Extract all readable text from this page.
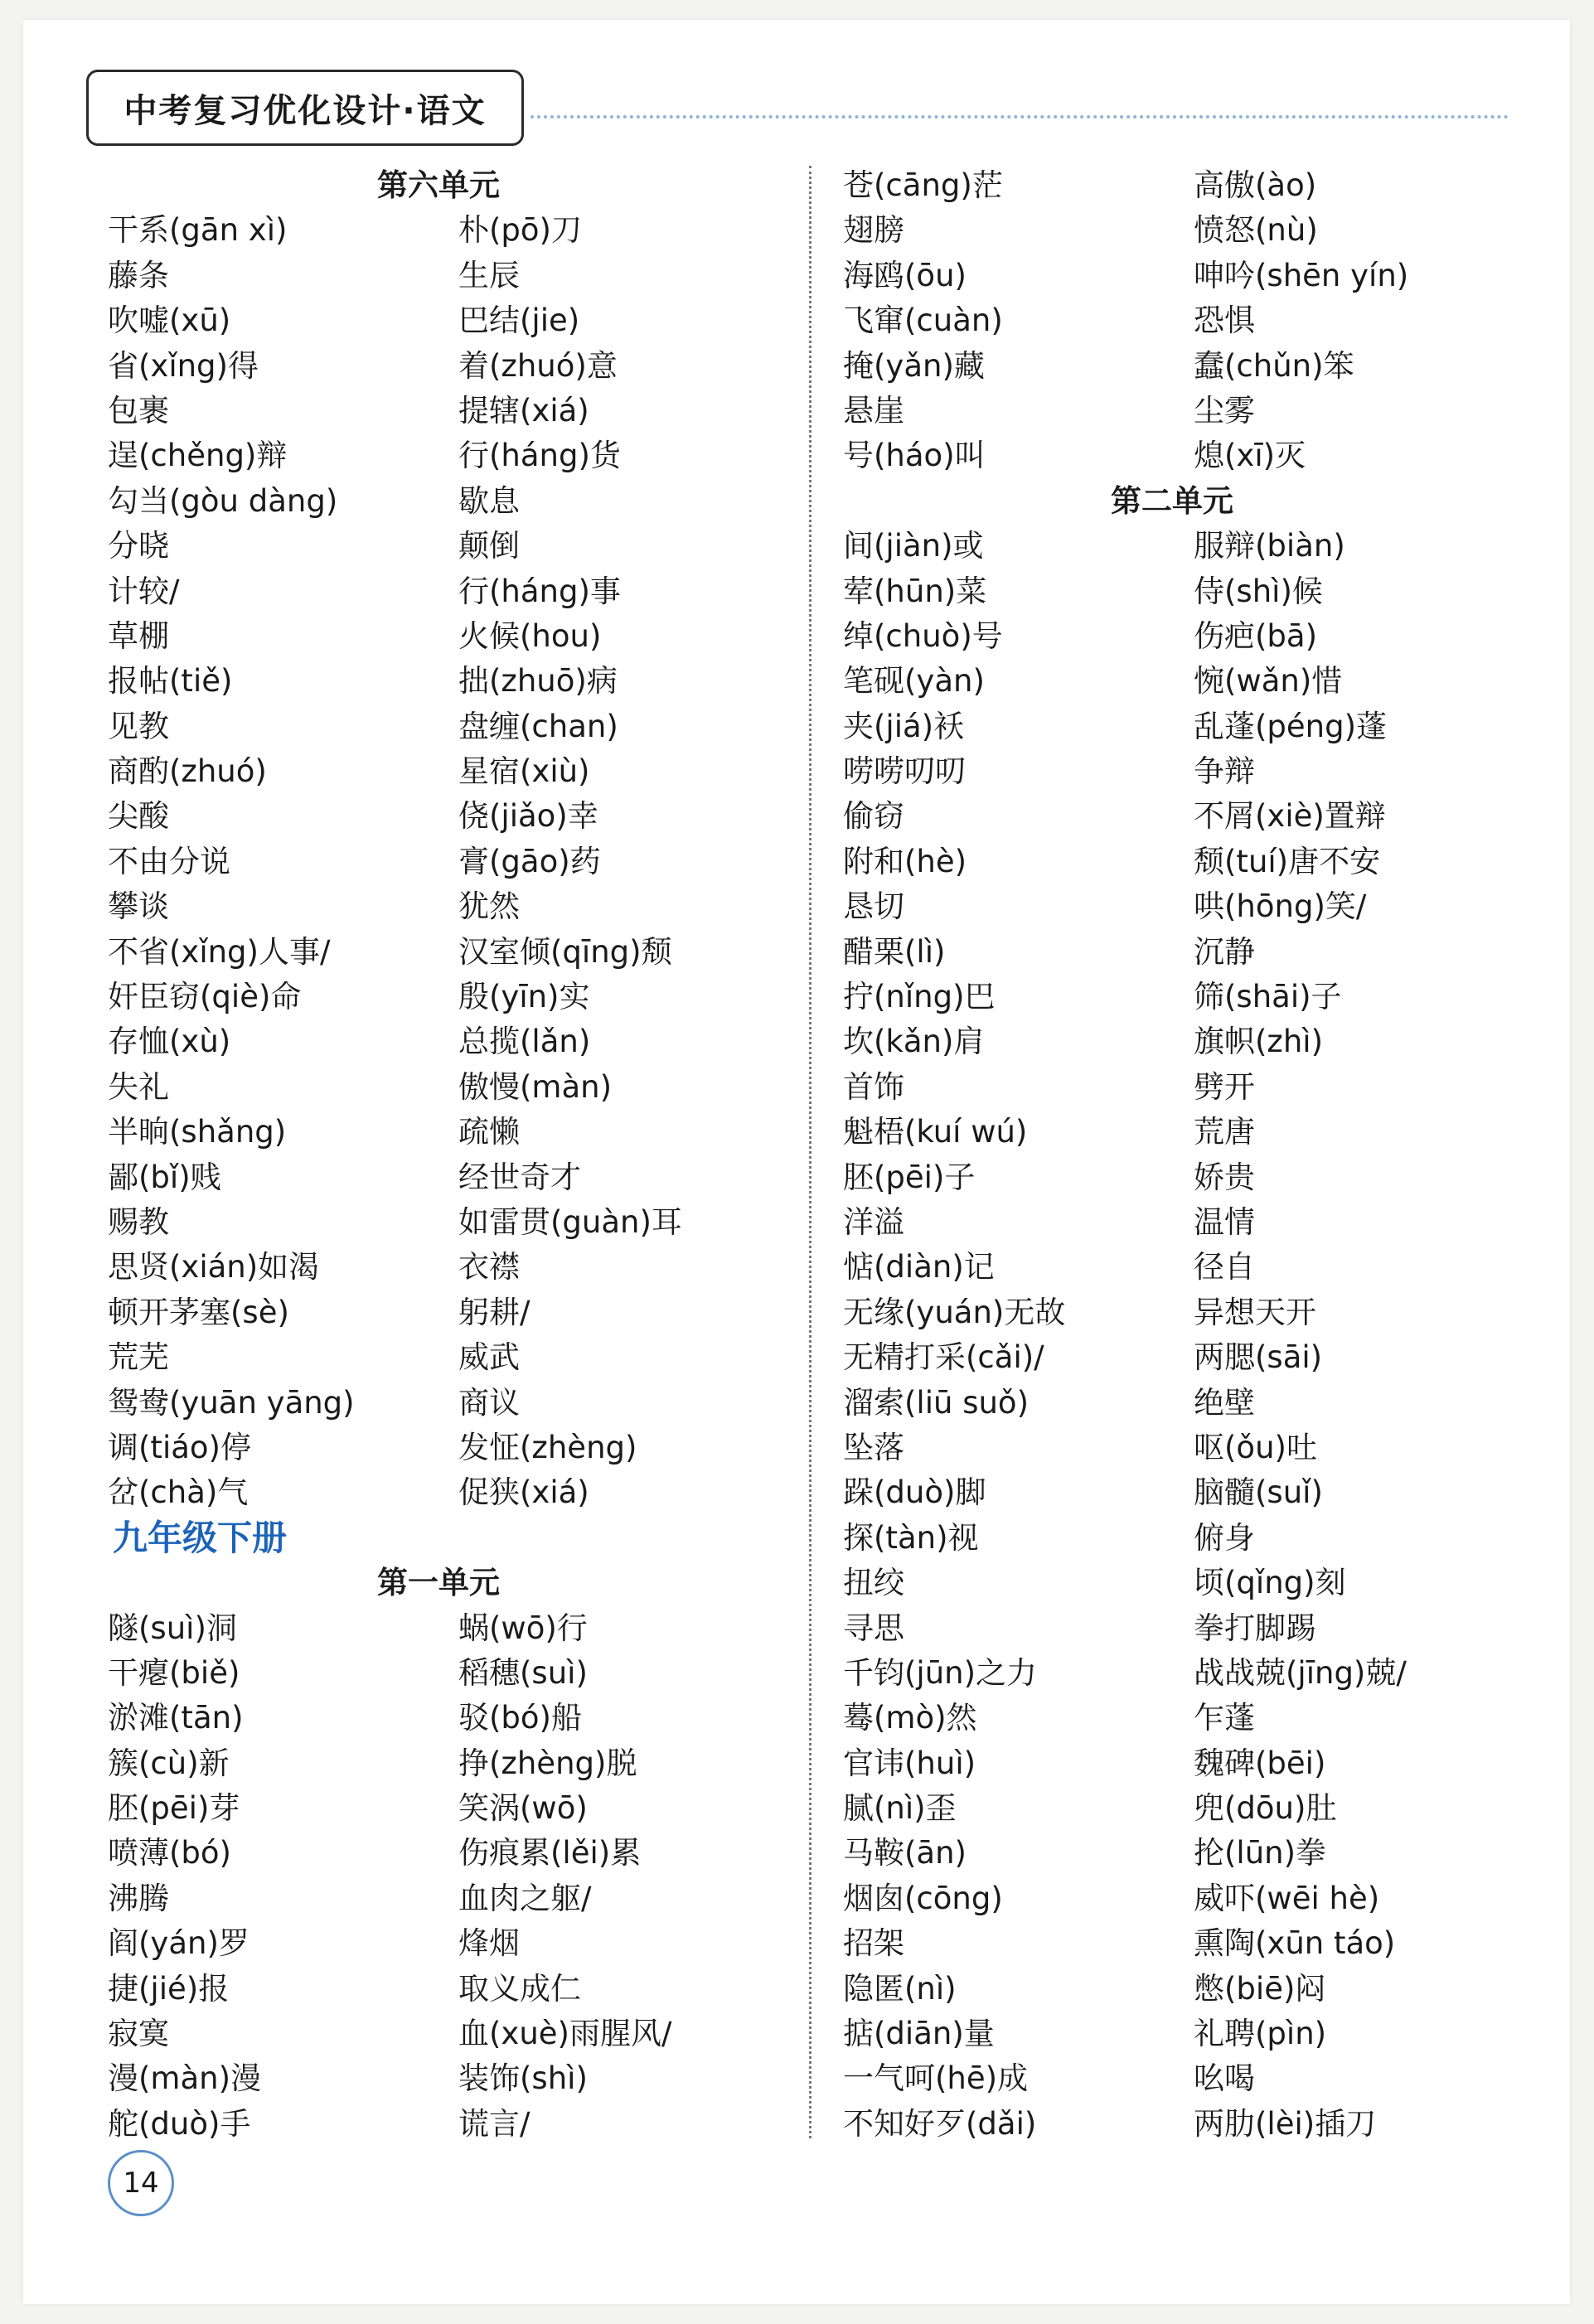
中考复习优化设计·语文
第六单元
干系(gān xì)	朴(pō)刀
藤条	生辰
吹嘘(xū)	巴结(jie)
省(xǐng)得	着(zhuó)意
包裹	提辖(xiá)
逞(chěng)辩	行(háng)货
勾当(gòu dàng)	歇息
分晓	颠倒
计较/	行(háng)事
草棚	火候(hou)
报帖(tiě)	拙(zhuō)病
见教	盘缠(chan)
商酌(zhuó)	星宿(xiù)
尖酸	侥(jiǎo)幸
不由分说	膏(gāo)药
攀谈	犹然
不省(xǐng)人事/	汉室倾(qīng)颓
奸臣窃(qiè)命	殷(yīn)实
存恤(xù)	总揽(lǎn)
失礼	傲慢(màn)
半晌(shǎng)	疏懒
鄙(bǐ)贱	经世奇才
赐教	如雷贯(guàn)耳
思贤(xián)如渴	衣襟
顿开茅塞(sè)	躬耕/
荒芜	威武
鸳鸯(yuān yāng)	商议
调(tiáo)停	发怔(zhèng)
岔(chà)气	促狭(xiá)
九年级下册
第一单元
隧(suì)洞	蜗(wō)行
干瘪(biě)	稻穗(suì)
淤滩(tān)	驳(bó)船
簇(cù)新	挣(zhèng)脱
胚(pēi)芽	笑涡(wō)
喷薄(bó)	伤痕累(lěi)累
沸腾	血肉之躯/
阎(yán)罗	烽烟
捷(jié)报	取义成仁
寂寞	血(xuè)雨腥风/
漫(màn)漫	装饰(shì)
舵(duò)手	谎言/
苍(cāng)茫	高傲(ào)
翅膀	愤怒(nù)
海鸥(ōu)	呻吟(shēn yín)
飞窜(cuàn)	恐惧
掩(yǎn)藏	蠢(chǔn)笨
悬崖	尘雾
号(háo)叫	熄(xī)灭
第二单元
间(jiàn)或	服辩(biàn)
荤(hūn)菜	侍(shì)候
绰(chuò)号	伤疤(bā)
笔砚(yàn)	惋(wǎn)惜
夹(jiá)袄	乱蓬(péng)蓬
唠唠叨叨	争辩
偷窃	不屑(xiè)置辩
附和(hè)	颓(tuí)唐不安
恳切	哄(hōng)笑/
醋栗(lì)	沉静
拧(nǐng)巴	筛(shāi)子
坎(kǎn)肩	旗帜(zhì)
首饰	劈开
魁梧(kuí wú)	荒唐
胚(pēi)子	娇贵
洋溢	温情
惦(diàn)记	径自
无缘(yuán)无故	异想天开
无精打采(cǎi)/	两腮(sāi)
溜索(liū suǒ)	绝壁
坠落	呕(ǒu)吐
跺(duò)脚	脑髓(suǐ)
探(tàn)视	俯身
扭绞	顷(qǐng)刻
寻思	拳打脚踢
千钧(jūn)之力	战战兢(jīng)兢/
蓦(mò)然	乍蓬
官讳(huì)	魏碑(bēi)
腻(nì)歪	兜(dōu)肚
马鞍(ān)	抡(lūn)拳
烟囱(cōng)	威吓(wēi hè)
招架	熏陶(xūn táo)
隐匿(nì)	憋(biē)闷
掂(diān)量	礼聘(pìn)
一气呵(hē)成	吆喝
不知好歹(dǎi)	两肋(lèi)插刀
14
